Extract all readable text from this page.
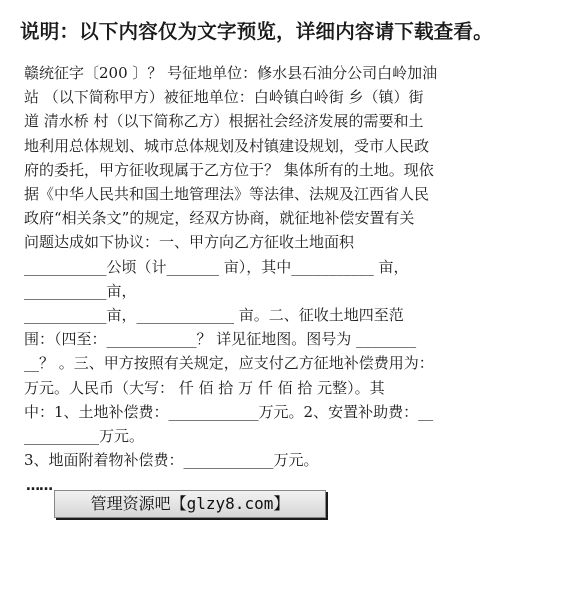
说明：以下内容仅为文字预览，详细内容请下载查看。
赣统征字〔200 〕？ 号征地单位：修水县石油分公司白岭加油
站 （以下简称甲方）被征地单位：白岭镇白岭街 乡（镇）街
道 清水桥 村（以下简称乙方）根据社会经济发展的需要和土
地利用总体规划、城市总体规划及村镇建设规划，受市人民政
府的委托，甲方征收现属于乙方位于？ 集体所有的土地。现依
据《中华人民共和国土地管理法》等法律、法规及江西省人民
政府“相关条文”的规定，经双方协商，就征地补偿安置有关
问题达成如下协议：一、甲方向乙方征收土地面积
___________公顷（计_______ 亩），其中___________ 亩，
___________亩，
___________亩，_____________ 亩。二、征收土地四至范
围：（四至：____________？ 详见征地图。图号为 ________
__？ 。三、甲方按照有关规定，应支付乙方征地补偿费用为：
万元。人民币（大写： 仟 佰 拾 万 仟 佰 拾 元整）。其
中：1、土地补偿费：____________万元。2、安置补助费：__
__________万元。
3、地面附着物补偿费：____________万元。
……
管理资源吧【glzy8.com】
